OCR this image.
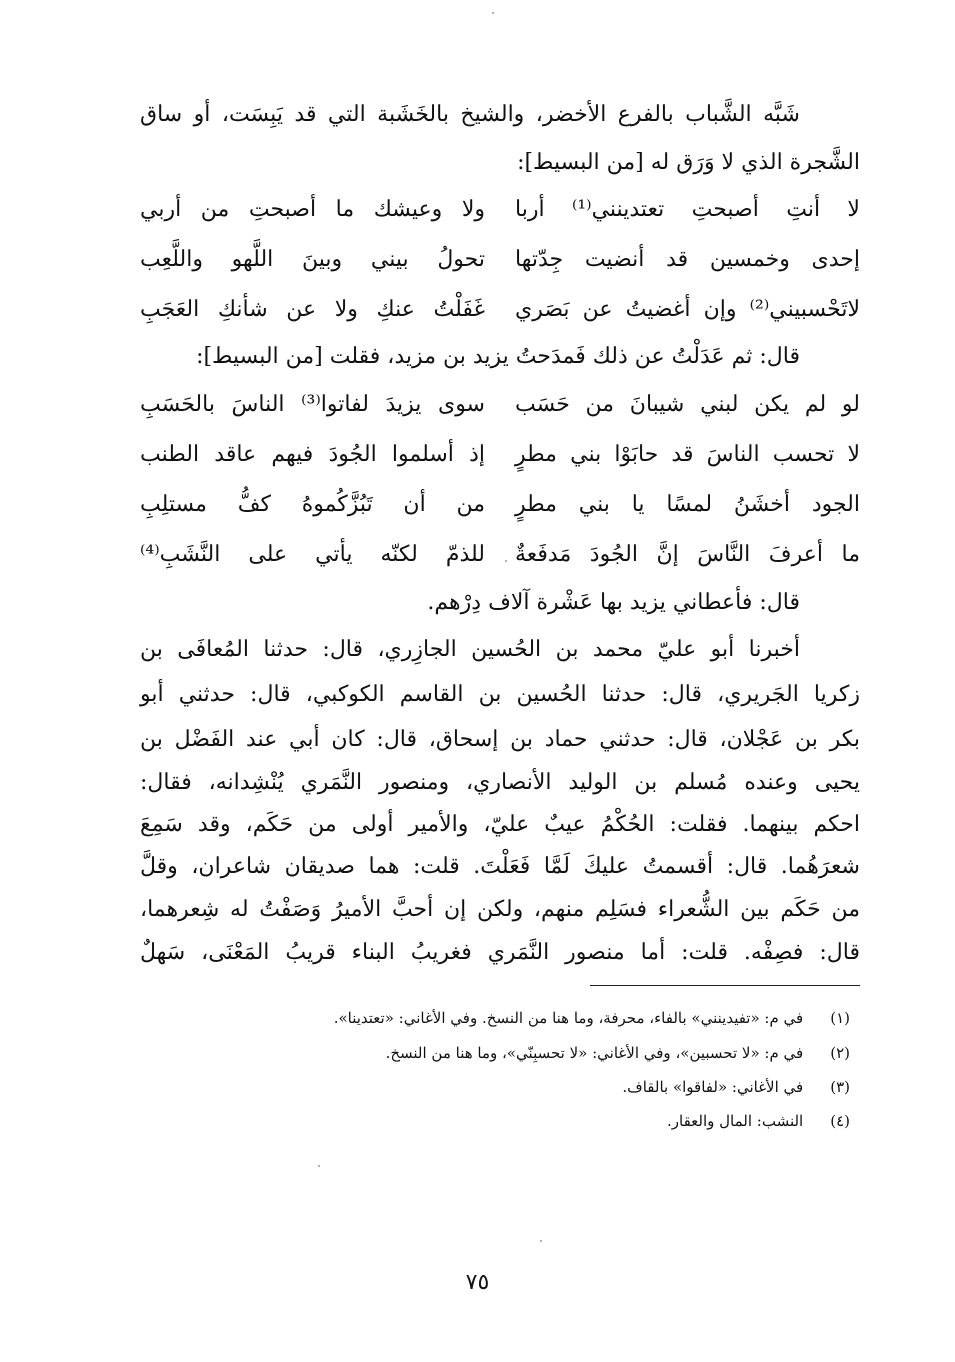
شَبَّه الشَّباب بالفرع الأخضر، والشيخ بالخَشَبة التي قد يَبِسَت، أو ساق
الشَّجرة الذي لا وَرَق له [من البسيط]:
لا أنتِ أصبحتِ تعتدينني⁽¹⁾ أربا
ولا وعيشك ما أصبحتِ من أربي
إحدى وخمسين قد أنضيت جِدّتها
تحولُ بيني وبينَ اللَّهو واللَّعِب
لاتَحْسبيني⁽²⁾ وإن أغضيتُ عن بَصَري
غَفَلْتُ عنكِ ولا عن شأنكِ العَجَبِ
قال: ثم عَدَلْتُ عن ذلك فَمدَحتُ يزيد بن مزيد، فقلت [من البسيط]:
لو لم يكن لبني شيبانَ من حَسَب
سوى يزيدَ لفاتوا⁽³⁾ الناسَ بالحَسَبِ
لا تحسب الناسَ قد حابَوْا بني مطرٍ
إذ أسلموا الجُودَ فيهم عاقد الطنب
الجود أخشَنُ لمسًا يا بني مطرٍ
من أن تَبُزَّكُموهُ كفُّ مستلِبِ
ما أعرفَ النَّاسَ إنَّ الجُودَ مَدفَعةٌ
للذمّ لكنّه يأتي على النَّشَبِ⁽⁴⁾
قال: فأعطاني يزيد بها عَشْرة آلاف دِرْهم.
أخبرنا أبو عليّ محمد بن الحُسين الجازِري، قال: حدثنا المُعافَى بن
زكريا الجَريري، قال: حدثنا الحُسين بن القاسم الكوكبي، قال: حدثني أبو
بكر بن عَجْلان، قال: حدثني حماد بن إسحاق، قال: كان أبي عند الفَضْل بن
يحيى وعنده مُسلم بن الوليد الأنصاري، ومنصور النَّمَري يُنْشِدانه، فقال:
احكم بينهما. فقلت: الحُكْمُ عيبٌ عليّ، والأمير أولى من حَكَم، وقد سَمِعَ
شعرَهُما. قال: أقسمتُ عليكَ لَمَّا فَعَلْتَ. قلت: هما صديقان شاعران، وقلَّ
من حَكَم بين الشُّعراء فسَلِم منهم، ولكن إن أحبَّ الأميرُ وَصَفْتُ له شِعرهما،
قال: فصِفْه. قلت: أما منصور النَّمَري فغريبُ البناء قريبُ المَعْنَى، سَهلٌ
(١) في م: «تفيدينني» بالفاء، محرفة، وما هنا من النسخ. وفي الأغاني: «تعتدينا».
(٢) في م: «لا تحسبين»، وفي الأغاني: «لا تحسبِنّي»، وما هنا من النسخ.
(٣) في الأغاني: «لفاقوا» بالقاف.
(٤) النشب: المال والعقار.
٧٥
